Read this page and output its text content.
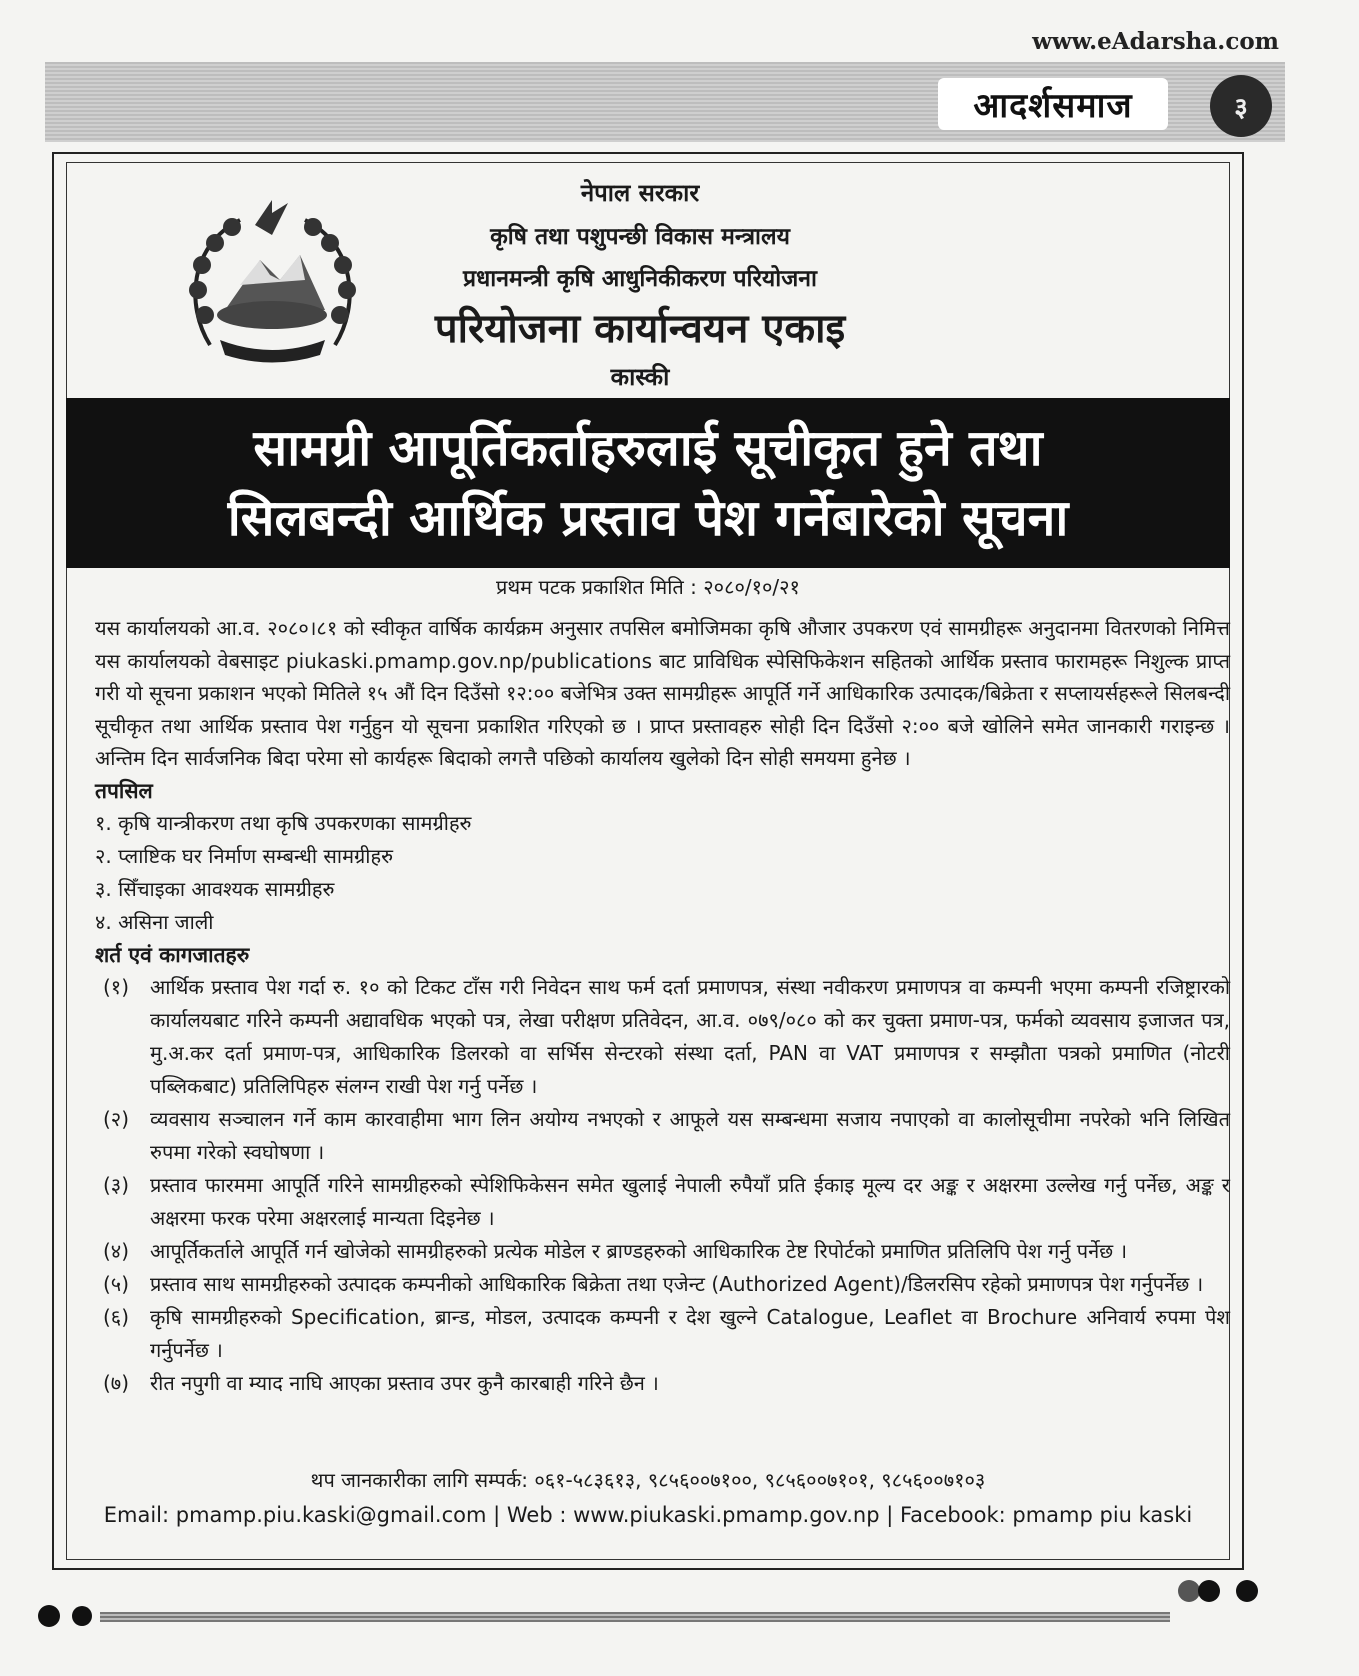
www.eAdarsha.com
आदर्शसमाज	३
नेपाल सरकार
कृषि तथा पशुपन्छी विकास मन्त्रालय
प्रधानमन्त्री कृषि आधुनिकीकरण परियोजना
परियोजना कार्यान्वयन एकाइ
कास्की
सामग्री आपूर्तिकर्ताहरुलाई सूचीकृत हुने तथा
सिलबन्दी आर्थिक प्रस्ताव पेश गर्नेबारेको सूचना
प्रथम पटक प्रकाशित मिति : २०८०/१०/२१

यस कार्यालयको आ.व. २०८०।८१ को स्वीकृत वार्षिक कार्यक्रम अनुसार तपसिल बमोजिमका कृषि औजार उपकरण एवं सामग्रीहरू अनुदानमा वितरणको निमित्त यस कार्यालयको वेबसाइट piukaski.pmamp.gov.np/publications बाट प्राविधिक स्पेसिफिकेशन सहितको आर्थिक प्रस्ताव फारामहरू निशुल्क प्राप्त गरी यो सूचना प्रकाशन भएको मितिले १५ औं दिन दिउँसो १२:०० बजेभित्र उक्त सामग्रीहरू आपूर्ति गर्ने आधिकारिक उत्पादक/बिक्रेता र सप्लायर्सहरूले सिलबन्दी सूचीकृत तथा आर्थिक प्रस्ताव पेश गर्नुहुन यो सूचना प्रकाशित गरिएको छ । प्राप्त प्रस्तावहरु सोही दिन दिउँसो २:०० बजे खोलिने समेत जानकारी गराइन्छ । अन्तिम दिन सार्वजनिक बिदा परेमा सो कार्यहरू बिदाको लगत्तै पछिको कार्यालय खुलेको दिन सोही समयमा हुनेछ ।

तपसिल

१. कृषि यान्त्रीकरण तथा कृषि उपकरणका सामग्रीहरु
२. प्लाष्टिक घर निर्माण सम्बन्धी सामग्रीहरु
३. सिँचाइका आवश्यक सामग्रीहरु
४. असिना जाली

शर्त एवं कागजातहरु

(१)	आर्थिक प्रस्ताव पेश गर्दा रु. १० को टिकट टाँस गरी निवेदन साथ फर्म दर्ता प्रमाणपत्र, संस्था नवीकरण प्रमाणपत्र वा कम्पनी भएमा कम्पनी रजिष्ट्रारको कार्यालयबाट गरिने कम्पनी अद्यावधिक भएको पत्र, लेखा परीक्षण प्रतिवेदन, आ.व. ०७९/०८० को कर चुक्ता प्रमाण-पत्र, फर्मको व्यवसाय इजाजत पत्र, मु.अ.कर दर्ता प्रमाण-पत्र, आधिकारिक डिलरको वा सर्भिस सेन्टरको संस्था दर्ता, PAN वा VAT प्रमाणपत्र र सम्झौता पत्रको प्रमाणित (नोटरी पब्लिकबाट) प्रतिलिपिहरु संलग्न राखी पेश गर्नु पर्नेछ ।
(२)	व्यवसाय सञ्चालन गर्ने काम कारवाहीमा भाग लिन अयोग्य नभएको र आफूले यस सम्बन्धमा सजाय नपाएको वा कालोसूचीमा नपरेको भनि लिखित रुपमा गरेको स्वघोषणा ।
(३)	प्रस्ताव फारममा आपूर्ति गरिने सामग्रीहरुको स्पेशिफिकेसन समेत खुलाई नेपाली रुपैयाँ प्रति ईकाइ मूल्य दर अङ्क र अक्षरमा उल्लेख गर्नु पर्नेछ, अङ्क र अक्षरमा फरक परेमा अक्षरलाई मान्यता दिइनेछ ।
(४)	आपूर्तिकर्ताले आपूर्ति गर्न खोजेको सामग्रीहरुको प्रत्येक मोडेल र ब्राण्डहरुको आधिकारिक टेष्ट रिपोर्टको प्रमाणित प्रतिलिपि पेश गर्नु पर्नेछ ।
(५)	प्रस्ताव साथ सामग्रीहरुको उत्पादक कम्पनीको आधिकारिक बिक्रेता तथा एजेन्ट (Authorized Agent)/डिलरसिप रहेको प्रमाणपत्र पेश गर्नुपर्नेछ ।
(६)	कृषि सामग्रीहरुको Specification, ब्रान्ड, मोडल, उत्पादक कम्पनी र देश खुल्ने Catalogue, Leaflet वा Brochure अनिवार्य रुपमा पेश गर्नुपर्नेछ ।
(७)	रीत नपुगी वा म्याद नाघि आएका प्रस्ताव उपर कुनै कारबाही गरिने छैन ।
थप जानकारीका लागि सम्पर्क: ०६१-५८३६१३, ९८५६००७१००, ९८५६००७१०१, ९८५६००७१०३
Email: pmamp.piu.kaski@gmail.com | Web : www.piukaski.pmamp.gov.np | Facebook: pmamp piu kaski
